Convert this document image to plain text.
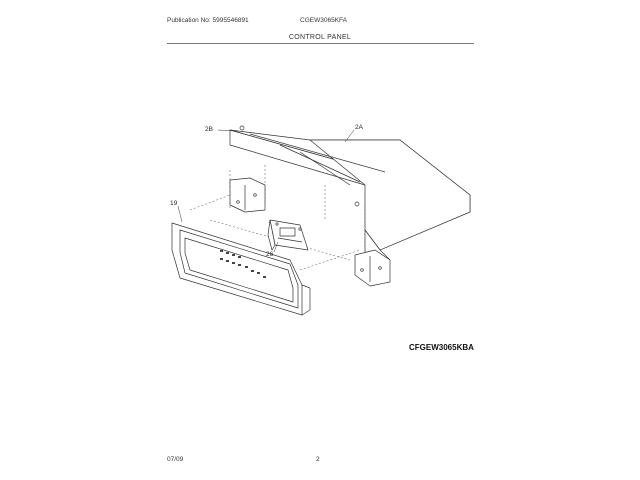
Publication No: 5995546891	CGEW3065KFA
CONTROL PANEL
2B	2A
19
26
CFGEW3065KBA
07/09	2
